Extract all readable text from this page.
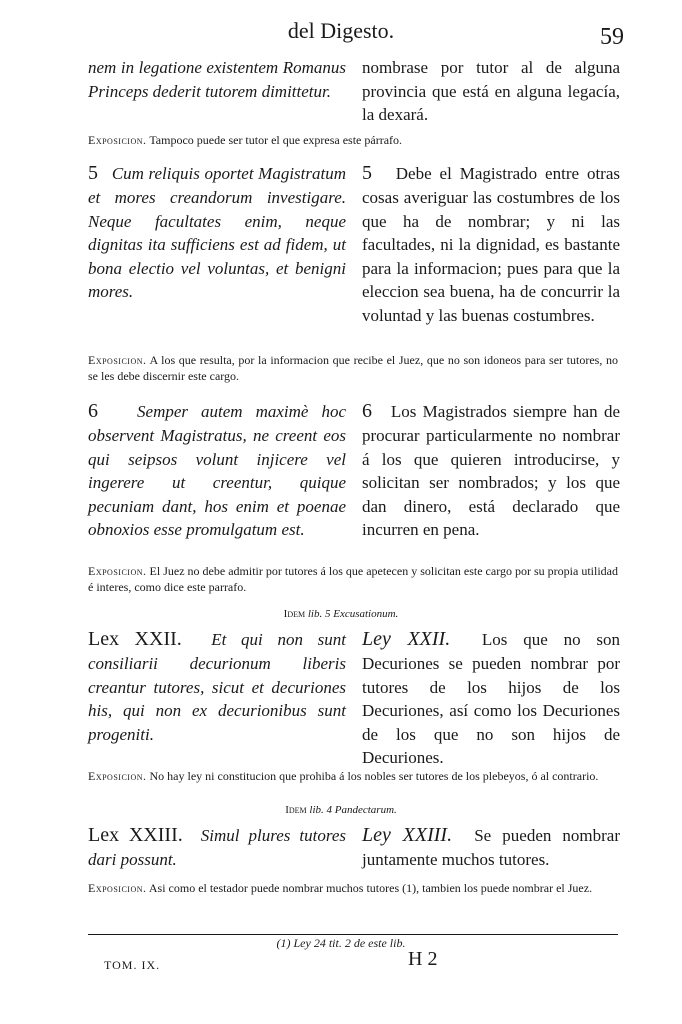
del Digesto.	59
nem in legatione existentem Romanus Princeps dederit tutorem dimittetur.
nombrase por tutor al de alguna provincia que está en alguna legacía, la dexará.
Exposicion. Tampoco puede ser tutor el que expresa este párrafo.
5 Cum reliquis oportet Magistratum et mores creandorum investigare. Neque facultates enim, neque dignitas ita sufficiens est ad fidem, ut bona electio vel voluntas, et benigni mores.
5 Debe el Magistrado entre otras cosas averiguar las costumbres de los que ha de nombrar; y ni las facultades, ni la dignidad, es bastante para la informacion; pues para que la eleccion sea buena, ha de concurrir la voluntad y las buenas costumbres.
Exposicion. A los que resulta, por la informacion que recibe el Juez, que no son idoneos para ser tutores, no se les debe discernir este cargo.
6 Semper autem maximè hoc observent Magistratus, ne creent eos qui seipsos volunt injicere vel ingerere ut creentur, quique pecuniam dant, hos enim et poenae obnoxios esse promulgatum est.
6 Los Magistrados siempre han de procurar particularmente no nombrar á los que quieren introducirse, y solicitan ser nombrados; y los que dan dinero, está declarado que incurren en pena.
Exposicion. El Juez no debe admitir por tutores á los que apetecen y solicitan este cargo por su propia utilidad é interes, como dice este parrafo.
Idem lib. 5 Excusationum.
Lex XXII. Et qui non sunt consiliarii decurionum liberis creantur tutores, sicut et decuriones his, qui non ex decurionibus sunt progeniti.
Ley XXII. Los que no son Decuriones se pueden nombrar por tutores de los hijos de los Decuriones, así como los Decuriones de los que no son hijos de Decuriones.
Exposicion. No hay ley ni constitucion que prohiba á los nobles ser tutores de los plebeyos, ó al contrario.
Idem lib. 4 Pandectarum.
Lex XXIII. Simul plures tutores dari possunt.
Ley XXIII. Se pueden nombrar juntamente muchos tutores.
Exposicion. Asi como el testador puede nombrar muchos tutores (1), tambien los puede nombrar el Juez.
(1) Ley 24 tit. 2 de este lib.
TOM. IX.	H 2
